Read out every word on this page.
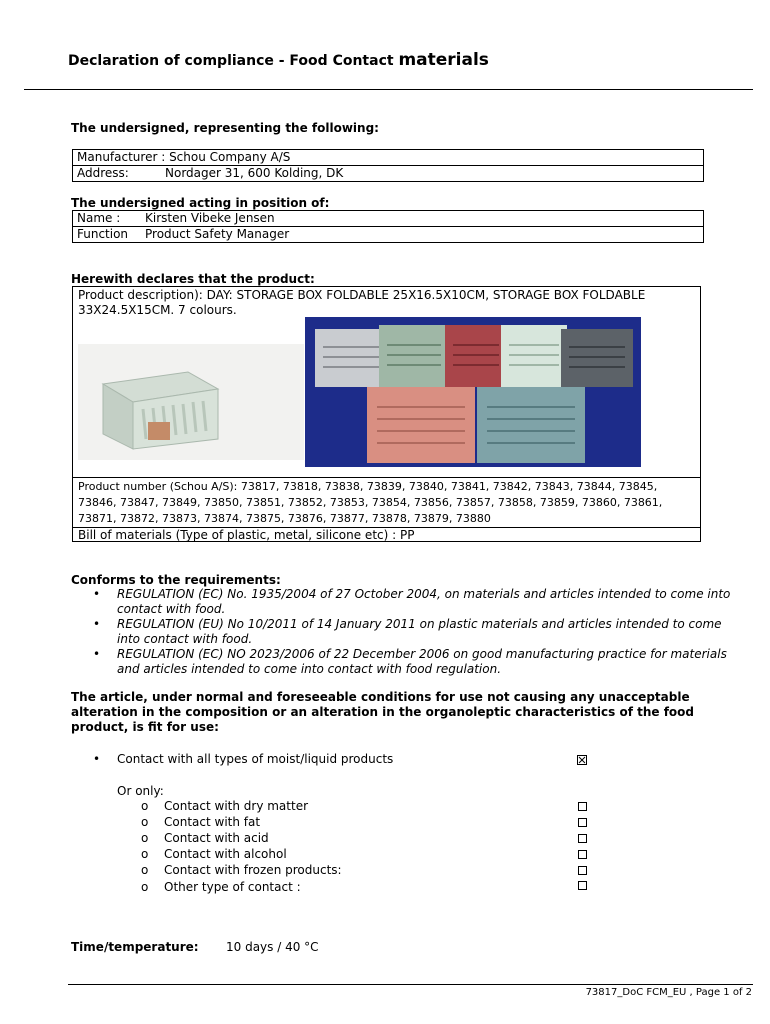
Declaration of compliance - Food Contact materials
The undersigned, representing the following:
Manufacturer : Schou Company A/S
Address:	Nordager 31, 600 Kolding, DK
The undersigned acting in position of:
Name :	Kirsten Vibeke Jensen
Function	Product Safety Manager
Herewith declares that the product:
Product description): DAY: STORAGE BOX FOLDABLE 25X16.5X10CM, STORAGE BOX FOLDABLE 33X24.5X15CM. 7 colours.
Product number (Schou A/S): 73817, 73818, 73838, 73839, 73840, 73841, 73842, 73843, 73844, 73845, 73846, 73847, 73849, 73850, 73851, 73852, 73853, 73854, 73856, 73857, 73858, 73859, 73860, 73861, 73871, 73872, 73873, 73874, 73875, 73876, 73877, 73878, 73879, 73880
Bill of materials (Type of plastic, metal, silicone etc) : PP
Conforms to the requirements:
• REGULATION (EC) No. 1935/2004 of 27 October 2004, on materials and articles intended to come into contact with food.
• REGULATION (EU) No 10/2011 of 14 January 2011 on plastic materials and articles intended to come into contact with food.
• REGULATION (EC) NO 2023/2006 of 22 December 2006 on good manufacturing practice for materials and articles intended to come into contact with food regulation.
The article, under normal and foreseeable conditions for use not causing any unacceptable alteration in the composition or an alteration in the organoleptic characteristics of the food product, is fit for use:
• Contact with all types of moist/liquid products
Or only:
o Contact with dry matter
o Contact with fat
o Contact with acid
o Contact with alcohol
o Contact with frozen products:
o Other type of contact :
Time/temperature: 10 days / 40 °C
73817_DoC FCM_EU , Page 1 of 2
